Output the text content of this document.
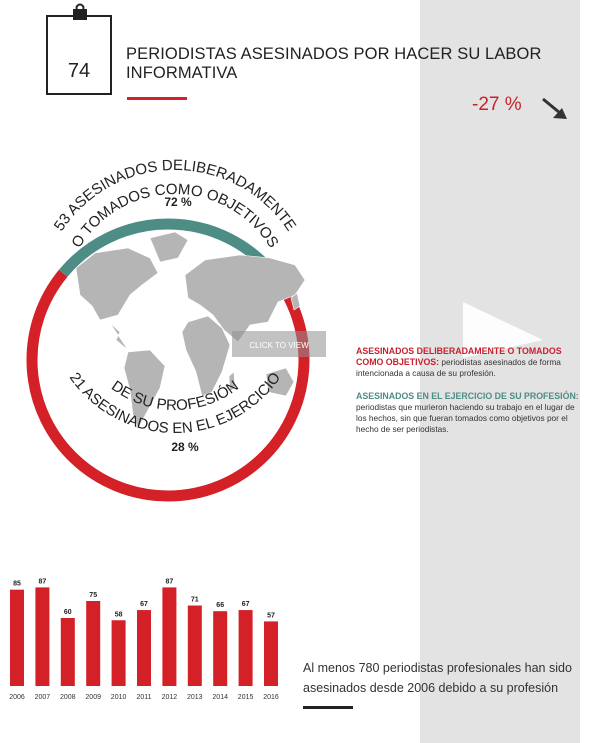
74
PERIODISTAS ASESINADOS POR HACER SU LABOR INFORMATIVA
-27 %
72 %
28 %
53 ASESINADOS DELIBERADAMENTE
O TOMADOS COMO OBJETIVOS
21 ASESINADOS EN EL EJERCICIO
DE SU PROFESIÓN
CLICK TO VIEW
ASESINADOS DELIBERADAMENTE O TOMADOS COMO OBJETIVOS: periodistas asesinados de forma intencionada a causa de su profesión.
ASESINADOS EN EL EJERCICIO DE SU PROFESIÓN: periodistas que murieron haciendo su trabajo en el lugar de los hechos, sin que fueran tomados como objetivos por el hecho de ser periodistas.
85
2006
87
2007
60
2008
75
2009
58
2010
67
2011
87
2012
71
2013
66
2014
67
2015
57
2016
Al menos 780 periodistas profesionales han sido
asesinados desde 2006 debido a su profesión
